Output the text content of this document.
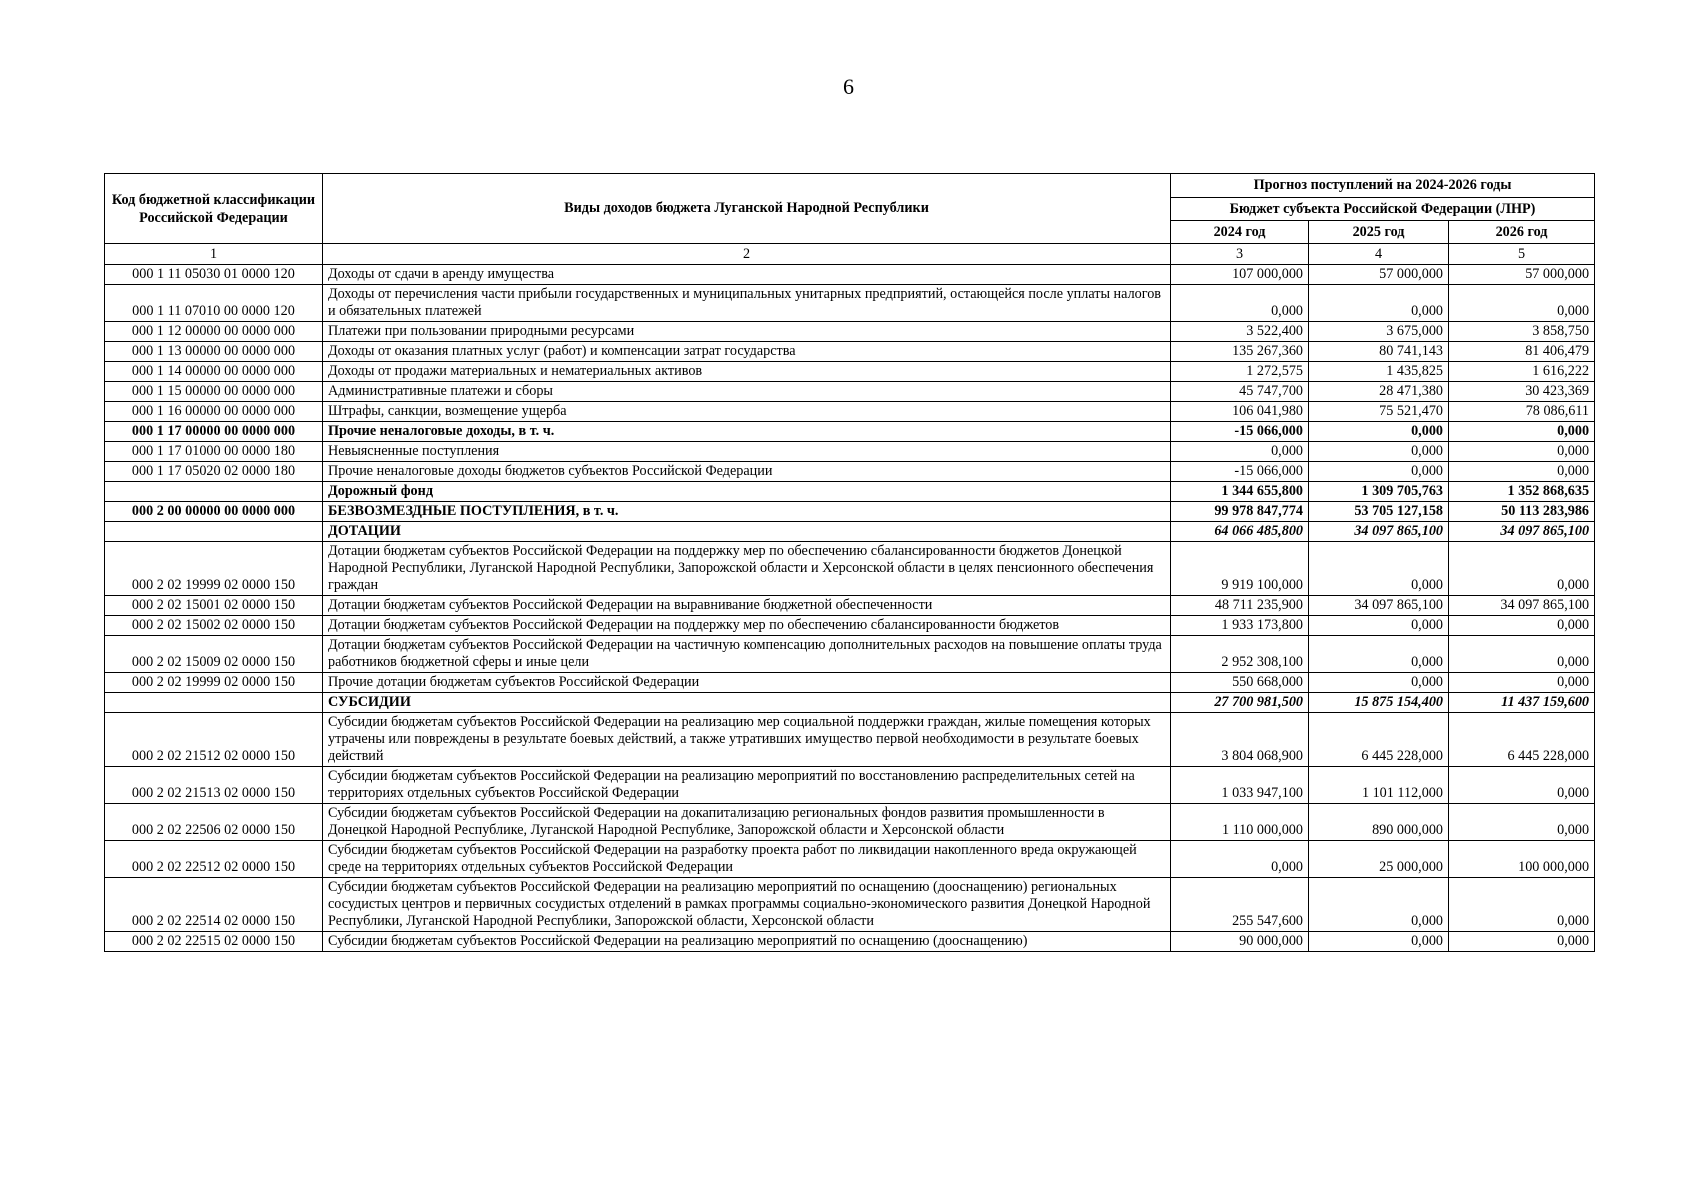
6
Код бюджетной классификации Российской Федерации	Виды доходов бюджета Луганской Народной Республики	Прогноз поступлений на 2024-2026 годы		
		Бюджет субъекта Российской Федерации (ЛНР)		
		2024 год	2025 год	2026 год
1	2	3	4	5
000 1 11 05030 01 0000 120	Доходы от сдачи в аренду имущества	107 000,000	57 000,000	57 000,000
000 1 11 07010 00 0000 120	Доходы от перечисления части прибыли государственных и муниципальных унитарных предприятий, остающейся после уплаты налогов и обязательных платежей	0,000	0,000	0,000
000 1 12 00000 00 0000 000	Платежи при пользовании природными ресурсами	3 522,400	3 675,000	3 858,750
000 1 13 00000 00 0000 000	Доходы от оказания платных услуг (работ) и компенсации затрат государства	135 267,360	80 741,143	81 406,479
000 1 14 00000 00 0000 000	Доходы от продажи материальных и нематериальных активов	1 272,575	1 435,825	1 616,222
000 1 15 00000 00 0000 000	Административные платежи и сборы	45 747,700	28 471,380	30 423,369
000 1 16 00000 00 0000 000	Штрафы, санкции, возмещение ущерба	106 041,980	75 521,470	78 086,611
000 1 17 00000 00 0000 000	Прочие неналоговые доходы, в т. ч.	-15 066,000	0,000	0,000
000 1 17 01000 00 0000 180	Невыясненные поступления	0,000	0,000	0,000
000 1 17 05020 02 0000 180	Прочие неналоговые доходы бюджетов субъектов Российской Федерации	-15 066,000	0,000	0,000
	Дорожный фонд	1 344 655,800	1 309 705,763	1 352 868,635
000 2 00 00000 00 0000 000	БЕЗВОЗМЕЗДНЫЕ ПОСТУПЛЕНИЯ, в т. ч.	99 978 847,774	53 705 127,158	50 113 283,986
	ДОТАЦИИ	64 066 485,800	34 097 865,100	34 097 865,100
000 2 02 19999 02 0000 150	Дотации бюджетам субъектов Российской Федерации на поддержку мер по обеспечению сбалансированности бюджетов Донецкой Народной Республики, Луганской Народной Республики, Запорожской области и Херсонской области в целях пенсионного обеспечения граждан	9 919 100,000	0,000	0,000
000 2 02 15001 02 0000 150	Дотации бюджетам субъектов Российской Федерации на выравнивание бюджетной обеспеченности	48 711 235,900	34 097 865,100	34 097 865,100
000 2 02 15002 02 0000 150	Дотации бюджетам субъектов Российской Федерации на поддержку мер по обеспечению сбалансированности бюджетов	1 933 173,800	0,000	0,000
000 2 02 15009 02 0000 150	Дотации бюджетам субъектов Российской Федерации на частичную компенсацию дополнительных расходов на повышение оплаты труда работников бюджетной сферы и иные цели	2 952 308,100	0,000	0,000
000 2 02 19999 02 0000 150	Прочие дотации бюджетам субъектов Российской Федерации	550 668,000	0,000	0,000
	СУБСИДИИ	27 700 981,500	15 875 154,400	11 437 159,600
000 2 02 21512 02 0000 150	Субсидии бюджетам субъектов Российской Федерации на реализацию мер социальной поддержки граждан, жилые помещения которых утрачены или повреждены в результате боевых действий, а также утративших имущество первой необходимости в результате боевых действий	3 804 068,900	6 445 228,000	6 445 228,000
000 2 02 21513 02 0000 150	Субсидии бюджетам субъектов Российской Федерации на реализацию мероприятий по восстановлению распределительных сетей на территориях отдельных субъектов Российской Федерации	1 033 947,100	1 101 112,000	0,000
000 2 02 22506 02 0000 150	Субсидии бюджетам субъектов Российской Федерации на докапитализацию региональных фондов развития промышленности в Донецкой Народной Республике, Луганской Народной Республике, Запорожской области и Херсонской области	1 110 000,000	890 000,000	0,000
000 2 02 22512 02 0000 150	Субсидии бюджетам субъектов Российской Федерации на разработку проекта работ по ликвидации накопленного вреда окружающей среде на территориях отдельных субъектов Российской Федерации	0,000	25 000,000	100 000,000
000 2 02 22514 02 0000 150	Субсидии бюджетам субъектов Российской Федерации на реализацию мероприятий по оснащению (дооснащению) региональных сосудистых центров и первичных сосудистых отделений в рамках программы социально-экономического развития Донецкой Народной Республики, Луганской Народной Республики, Запорожской области, Херсонской области	255 547,600	0,000	0,000
000 2 02 22515 02 0000 150	Субсидии бюджетам субъектов Российской Федерации на реализацию мероприятий по оснащению (дооснащению)	90 000,000	0,000	0,000
